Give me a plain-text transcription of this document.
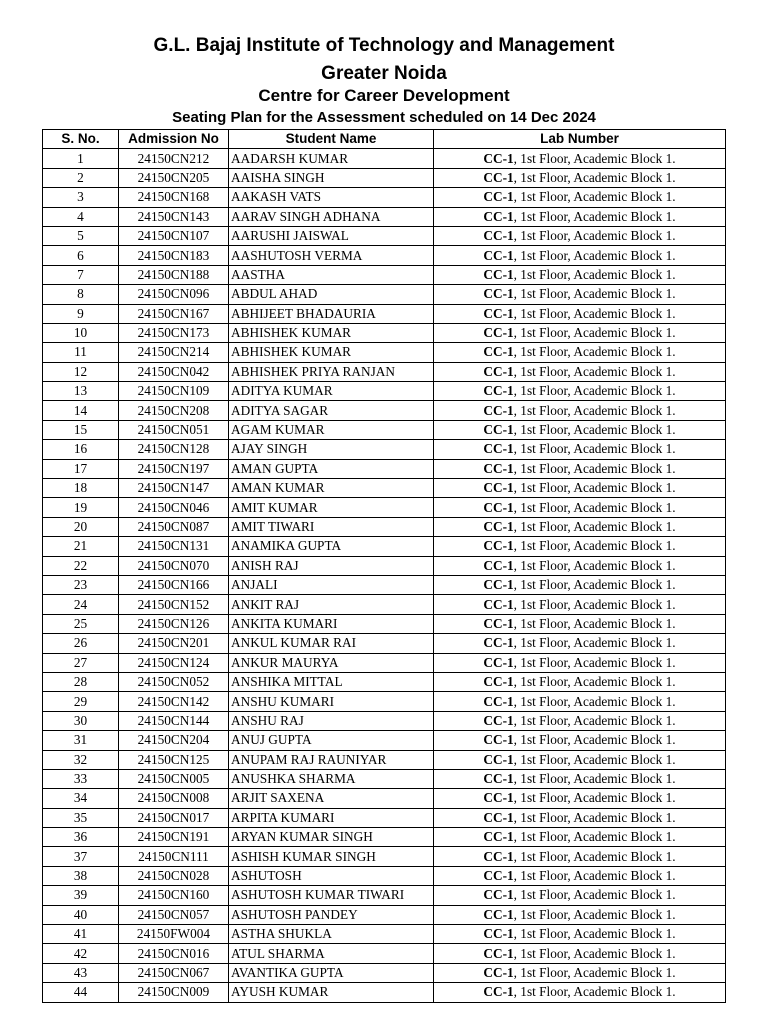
G.L. Bajaj Institute of Technology and Management
Greater Noida
Centre for Career Development
Seating Plan for the Assessment scheduled on 14 Dec 2024
S. No.	Admission No	Student Name	Lab Number
1	24150CN212	AADARSH KUMAR	CC-1, 1st Floor, Academic Block 1.
2	24150CN205	AAISHA SINGH	CC-1, 1st Floor, Academic Block 1.
3	24150CN168	AAKASH VATS	CC-1, 1st Floor, Academic Block 1.
4	24150CN143	AARAV SINGH ADHANA	CC-1, 1st Floor, Academic Block 1.
5	24150CN107	AARUSHI JAISWAL	CC-1, 1st Floor, Academic Block 1.
6	24150CN183	AASHUTOSH VERMA	CC-1, 1st Floor, Academic Block 1.
7	24150CN188	AASTHA	CC-1, 1st Floor, Academic Block 1.
8	24150CN096	ABDUL AHAD	CC-1, 1st Floor, Academic Block 1.
9	24150CN167	ABHIJEET BHADAURIA	CC-1, 1st Floor, Academic Block 1.
10	24150CN173	ABHISHEK KUMAR	CC-1, 1st Floor, Academic Block 1.
11	24150CN214	ABHISHEK KUMAR	CC-1, 1st Floor, Academic Block 1.
12	24150CN042	ABHISHEK PRIYA RANJAN	CC-1, 1st Floor, Academic Block 1.
13	24150CN109	ADITYA KUMAR	CC-1, 1st Floor, Academic Block 1.
14	24150CN208	ADITYA SAGAR	CC-1, 1st Floor, Academic Block 1.
15	24150CN051	AGAM KUMAR	CC-1, 1st Floor, Academic Block 1.
16	24150CN128	AJAY SINGH	CC-1, 1st Floor, Academic Block 1.
17	24150CN197	AMAN GUPTA	CC-1, 1st Floor, Academic Block 1.
18	24150CN147	AMAN KUMAR	CC-1, 1st Floor, Academic Block 1.
19	24150CN046	AMIT KUMAR	CC-1, 1st Floor, Academic Block 1.
20	24150CN087	AMIT TIWARI	CC-1, 1st Floor, Academic Block 1.
21	24150CN131	ANAMIKA GUPTA	CC-1, 1st Floor, Academic Block 1.
22	24150CN070	ANISH RAJ	CC-1, 1st Floor, Academic Block 1.
23	24150CN166	ANJALI	CC-1, 1st Floor, Academic Block 1.
24	24150CN152	ANKIT RAJ	CC-1, 1st Floor, Academic Block 1.
25	24150CN126	ANKITA KUMARI	CC-1, 1st Floor, Academic Block 1.
26	24150CN201	ANKUL KUMAR RAI	CC-1, 1st Floor, Academic Block 1.
27	24150CN124	ANKUR MAURYA	CC-1, 1st Floor, Academic Block 1.
28	24150CN052	ANSHIKA MITTAL	CC-1, 1st Floor, Academic Block 1.
29	24150CN142	ANSHU KUMARI	CC-1, 1st Floor, Academic Block 1.
30	24150CN144	ANSHU RAJ	CC-1, 1st Floor, Academic Block 1.
31	24150CN204	ANUJ GUPTA	CC-1, 1st Floor, Academic Block 1.
32	24150CN125	ANUPAM RAJ RAUNIYAR	CC-1, 1st Floor, Academic Block 1.
33	24150CN005	ANUSHKA SHARMA	CC-1, 1st Floor, Academic Block 1.
34	24150CN008	ARJIT SAXENA	CC-1, 1st Floor, Academic Block 1.
35	24150CN017	ARPITA KUMARI	CC-1, 1st Floor, Academic Block 1.
36	24150CN191	ARYAN KUMAR SINGH	CC-1, 1st Floor, Academic Block 1.
37	24150CN111	ASHISH KUMAR SINGH	CC-1, 1st Floor, Academic Block 1.
38	24150CN028	ASHUTOSH	CC-1, 1st Floor, Academic Block 1.
39	24150CN160	ASHUTOSH KUMAR TIWARI	CC-1, 1st Floor, Academic Block 1.
40	24150CN057	ASHUTOSH PANDEY	CC-1, 1st Floor, Academic Block 1.
41	24150FW004	ASTHA SHUKLA	CC-1, 1st Floor, Academic Block 1.
42	24150CN016	ATUL SHARMA	CC-1, 1st Floor, Academic Block 1.
43	24150CN067	AVANTIKA GUPTA	CC-1, 1st Floor, Academic Block 1.
44	24150CN009	AYUSH KUMAR	CC-1, 1st Floor, Academic Block 1.
